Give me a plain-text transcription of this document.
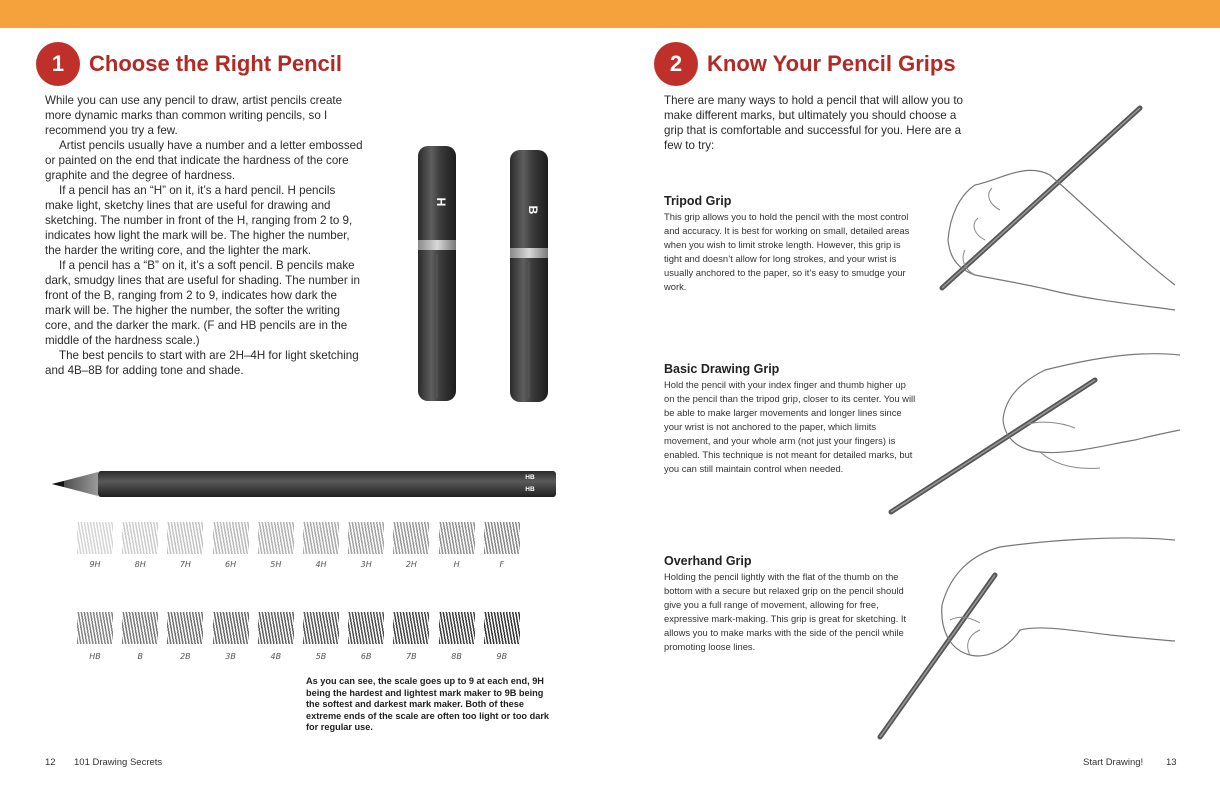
1	Choose the Right Pencil

While you can use any pencil to draw, artist pencils create more dynamic marks than common writing pencils, so I recommend you try a few.

Artist pencils usually have a number and a letter embossed or painted on the end that indicate the hardness of the core graphite and the degree of hardness.

If a pencil has an “H” on it, it’s a hard pencil. H pencils make light, sketchy lines that are useful for drawing and sketching. The number in front of the H, ranging from 2 to 9, indicates how light the mark will be. The higher the number, the harder the writing core, and the lighter the mark.

If a pencil has a “B” on it, it’s a soft pencil. B pencils make dark, smudgy lines that are useful for shading. The number in front of the B, ranging from 2 to 9, indicates how dark the mark will be. The higher the number, the softer the writing core, and the darker the mark. (F and HB pencils are in the middle of the hardness scale.)

The best pencils to start with are 2H–4H for light sketching and 4B–8B for adding tone and shade.

H
B
HB
HB
9H	8H	7H	6H	5H	4H	3H	2H	H	F
HB	B	2B	3B	4B	5B	6B	7B	8B	9B
As you can see, the scale goes up to 9 at each end, 9H being the hardest and lightest mark maker to 9B being the softest and darkest mark maker. Both of these extreme ends of the scale are often too light or too dark for regular use.
12 101 Drawing Secrets
2	Know Your Pencil Grips
There are many ways to hold a pencil that will allow you to make different marks, but ultimately you should choose a grip that is comfortable and successful for you. Here are a few to try:
Tripod Grip
This grip allows you to hold the pencil with the most control and accuracy. It is best for working on small, detailed areas when you wish to limit stroke length. However, this grip is tight and doesn’t allow for long strokes, and your wrist is usually anchored to the paper, so it’s easy to smudge your work.
Basic Drawing Grip
Hold the pencil with your index finger and thumb higher up on the pencil than the tripod grip, closer to its center. You will be able to make larger movements and longer lines since your wrist is not anchored to the paper, which limits movement, and your whole arm (not just your fingers) is enabled. This technique is not meant for detailed marks, but you can still maintain control when needed.
Overhand Grip
Holding the pencil lightly with the flat of the thumb on the bottom with a secure but relaxed grip on the pencil should give you a full range of movement, allowing for free, expressive mark-making. This grip is great for sketching. It allows you to make marks with the side of the pencil while promoting loose lines.
Start Drawing! 13
